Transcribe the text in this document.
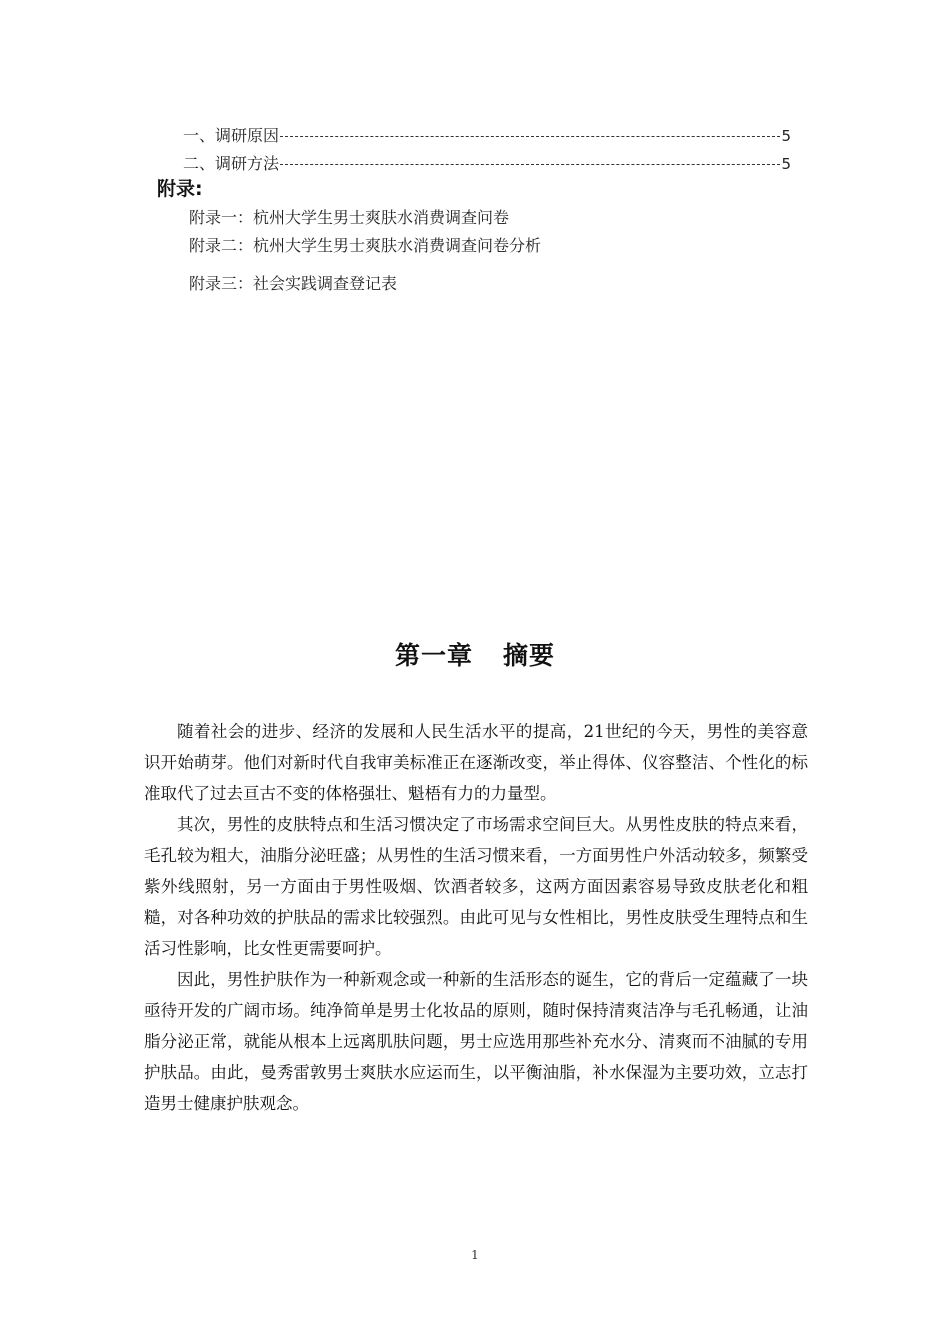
一、调研原因	5
二、调研方法	5
附录:
附录一：杭州大学生男士爽肤水消费调查问卷
附录二：杭州大学生男士爽肤水消费调查问卷分析
附录三：社会实践调查登记表
第一章 摘要

随着社会的进步、经济的发展和人民生活水平的提高，21世纪的今天，男性的美容意识开始萌芽。他们对新时代自我审美标准正在逐渐改变，举止得体、仪容整洁、个性化的标准取代了过去亘古不变的体格强壮、魁梧有力的力量型。

其次，男性的皮肤特点和生活习惯决定了市场需求空间巨大。从男性皮肤的特点来看，毛孔较为粗大，油脂分泌旺盛；从男性的生活习惯来看，一方面男性户外活动较多，频繁受紫外线照射，另一方面由于男性吸烟、饮酒者较多，这两方面因素容易导致皮肤老化和粗糙，对各种功效的护肤品的需求比较强烈。由此可见与女性相比，男性皮肤受生理特点和生活习性影响，比女性更需要呵护。

因此，男性护肤作为一种新观念或一种新的生活形态的诞生，它的背后一定蕴藏了一块亟待开发的广阔市场。纯净简单是男士化妆品的原则，随时保持清爽洁净与毛孔畅通，让油脂分泌正常，就能从根本上远离肌肤问题，男士应选用那些补充水分、清爽而不油腻的专用护肤品。由此，曼秀雷敦男士爽肤水应运而生，以平衡油脂，补水保湿为主要功效，立志打造男士健康护肤观念。

1
